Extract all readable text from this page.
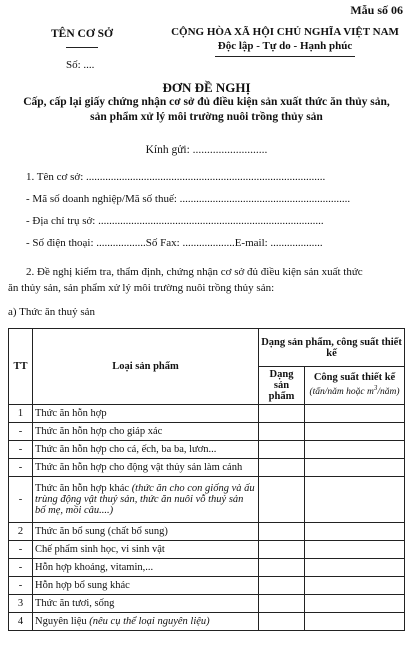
Mẫu số 06
TÊN CƠ SỞ
Số: ....
CỘNG HÒA XÃ HỘI CHỦ NGHĨA VIỆT NAM
Độc lập - Tự do - Hạnh phúc
ĐƠN ĐỀ NGHỊ
Cấp, cấp lại giấy chứng nhận cơ sở đủ điều kiện sản xuất thức ăn thủy sản,
sản phẩm xử lý môi trường nuôi trồng thủy sản
Kính gửi: ..........................
1. Tên cơ sở: .......................................................................................
- Mã số doanh nghiệp/Mã số thuế: ..............................................................
- Địa chỉ trụ sở: ..................................................................................
- Số điện thoại: ..................Số Fax: ...................E-mail: ...................
2. Đề nghị kiểm tra, thẩm định, chứng nhận cơ sở đủ điều kiện sản xuất thức
ăn thủy sản, sản phẩm xử lý môi trường nuôi trồng thủy sản:
a) Thức ăn thuỷ sản
TT	Loại sản phẩm	Dạng sản phẩm, công suất thiết kế	
		Dạng sản phẩm	Công suất thiết kế
(tấn/năm hoặc $m^3/năm$)

1	Thức ăn hỗn hợp		
-	Thức ăn hỗn hợp cho giáp xác		
-	Thức ăn hỗn hợp cho cá, ếch, ba ba, lươn...		
-	Thức ăn hỗn hợp cho động vật thủy sản làm cảnh		
-	Thức ăn hỗn hợp khác (thức ăn cho con giống và ấu trùng động vật thuỷ sản, thức ăn nuôi vỗ thuỷ sản bố mẹ, mồi câu....)		
2	Thức ăn bổ sung (chất bổ sung)		
-	Chế phẩm sinh học, vi sinh vật		
-	Hỗn hợp khoáng, vitamin,...		
-	Hỗn hợp bổ sung khác		
3	Thức ăn tươi, sống		
4	Nguyên liệu (nêu cụ thể loại nguyên liệu)		
